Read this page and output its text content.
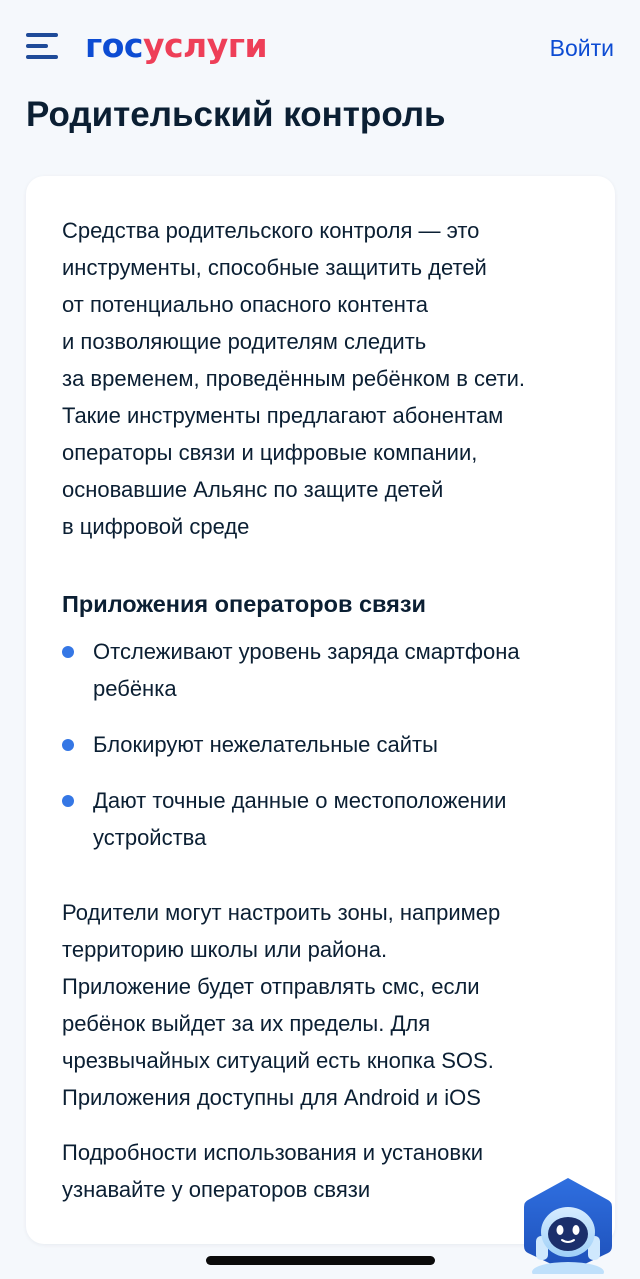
госуслуги	Войти
Родительский контроль
Средства родительского контроля — это
инструменты, способные защитить детей
от потенциально опасного контента
и позволяющие родителям следить
за временем, проведённым ребёнком в сети.
Такие инструменты предлагают абонентам
операторы связи и цифровые компании,
основавшие Альянс по защите детей
в цифровой среде
Приложения операторов связи
Отслеживают уровень заряда смартфона
ребёнка
Блокируют нежелательные сайты
Дают точные данные о местоположении
устройства
Родители могут настроить зоны, например
территорию школы или района.
Приложение будет отправлять смс, если
ребёнок выйдет за их пределы. Для
чрезвычайных ситуаций есть кнопка SOS.
Приложения доступны для Android и iOS
Подробности использования и установки
узнавайте у операторов связи
